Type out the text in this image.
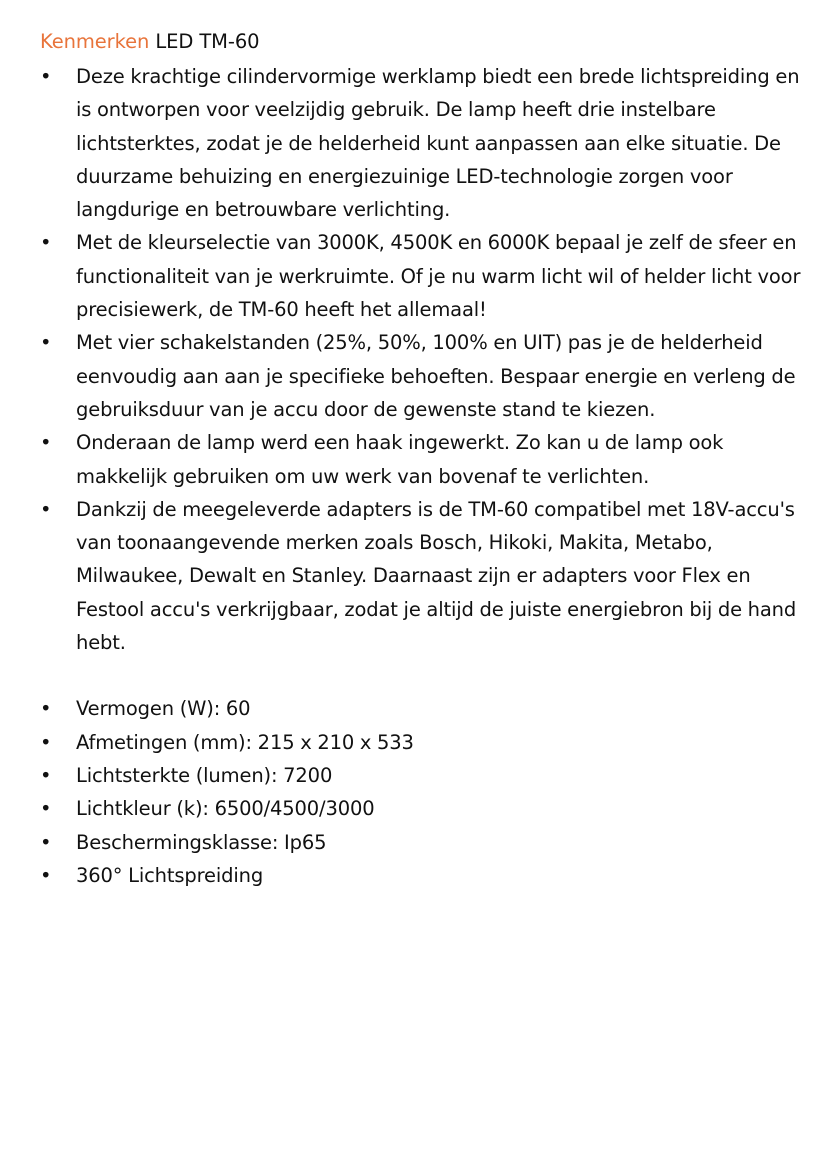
Kenmerken LED TM-60
• Deze krachtige cilindervormige werklamp biedt een brede lichtspreiding en is ontworpen voor veelzijdig gebruik. De lamp heeft drie instelbare lichtsterktes, zodat je de helderheid kunt aanpassen aan elke situatie. De duurzame behuizing en energiezuinige LED-technologie zorgen voor langdurige en betrouwbare verlichting.
• Met de kleurselectie van 3000K, 4500K en 6000K bepaal je zelf de sfeer en functionaliteit van je werkruimte. Of je nu warm licht wil of helder licht voor precisiewerk, de TM-60 heeft het allemaal!
• Met vier schakelstanden (25%, 50%, 100% en UIT) pas je de helderheid eenvoudig aan aan je specifieke behoeften. Bespaar energie en verleng de gebruiksduur van je accu door de gewenste stand te kiezen.
• Onderaan de lamp werd een haak ingewerkt. Zo kan u de lamp ook makkelijk gebruiken om uw werk van bovenaf te verlichten.
• Dankzij de meegeleverde adapters is de TM-60 compatibel met 18V-accu's van toonaangevende merken zoals Bosch, Hikoki, Makita, Metabo, Milwaukee, Dewalt en Stanley. Daarnaast zijn er adapters voor Flex en Festool accu's verkrijgbaar, zodat je altijd de juiste energiebron bij de hand hebt.
• Vermogen (W): 60
• Afmetingen (mm): 215 x 210 x 533
• Lichtsterkte (lumen): 7200
• Lichtkleur (k): 6500/4500/3000
• Beschermingsklasse: Ip65
• 360° Lichtspreiding
